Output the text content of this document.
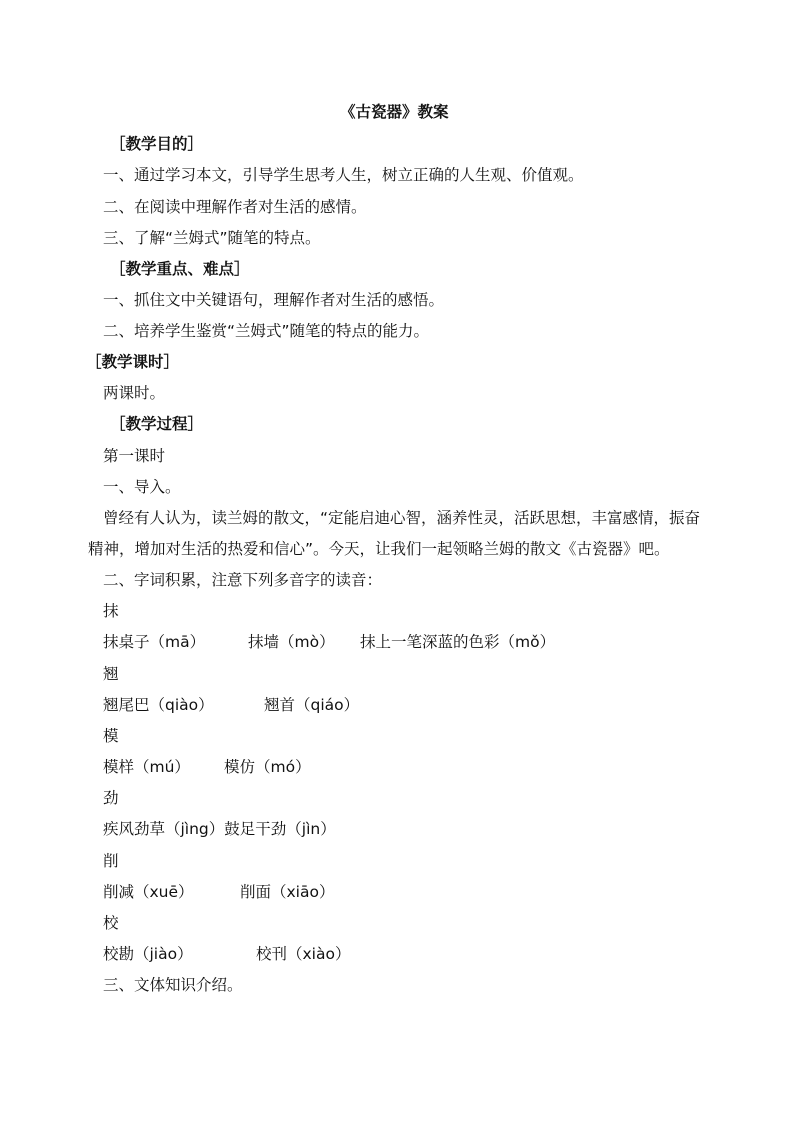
《古瓷器》教案
［教学目的］
一、通过学习本文，引导学生思考人生，树立正确的人生观、价值观。
二、在阅读中理解作者对生活的感情。
三、了解“兰姆式”随笔的特点。
［教学重点、难点］
一、抓住文中关键语句，理解作者对生活的感悟。
二、培养学生鉴赏“兰姆式”随笔的特点的能力。
［教学课时］
两课时。
［教学过程］
第一课时
一、导入。
曾经有人认为，读兰姆的散文，“定能启迪心智，涵养性灵，活跃思想，丰富感情，振奋
精神，增加对生活的热爱和信心”。今天，让我们一起领略兰姆的散文《古瓷器》吧。
二、字词积累，注意下列多音字的读音：
抹
抹桌子（mā）	抹墙（mò） 抹上一笔深蓝的色彩（mǒ）
翘
翘尾巴（qiào）	翘首（qiáo）
模
模样（mú） 模仿（mó）
劲
疾风劲草（jìng）鼓足干劲（jìn）
削
削减（xuē）	削面（xiāo）
校
校勘（jiào）	校刊（xiào）
三、文体知识介绍。
